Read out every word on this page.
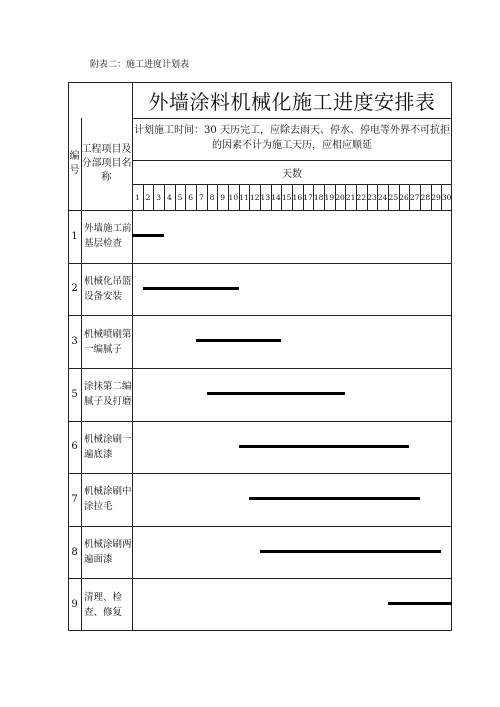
附表二：施工进度计划表
外墙涂料机械化施工进度安排表
编号
工程项目及分部项目名称
计划施工时间：30 天历完工，应除去雨天、停水、停电等外界不可抗拒
的因素不计为施工天历，应相应顺延
天数
1 2 3 4 5 6 7 8 9 10 11 12 13 14 15 16 17 18 19 20 21 22 23 24 25 26 27 28 29 30
1
外墙施工前基层检查
2
机械化吊篮设备安装
3
机械喷刷第一编腻子
5
涂抹第二编腻子及打磨
6
机械涂刷一遍底漆
7
机械涂刷中涂拉毛
8
机械涂刷两遍面漆
9
清理、检查、修复
